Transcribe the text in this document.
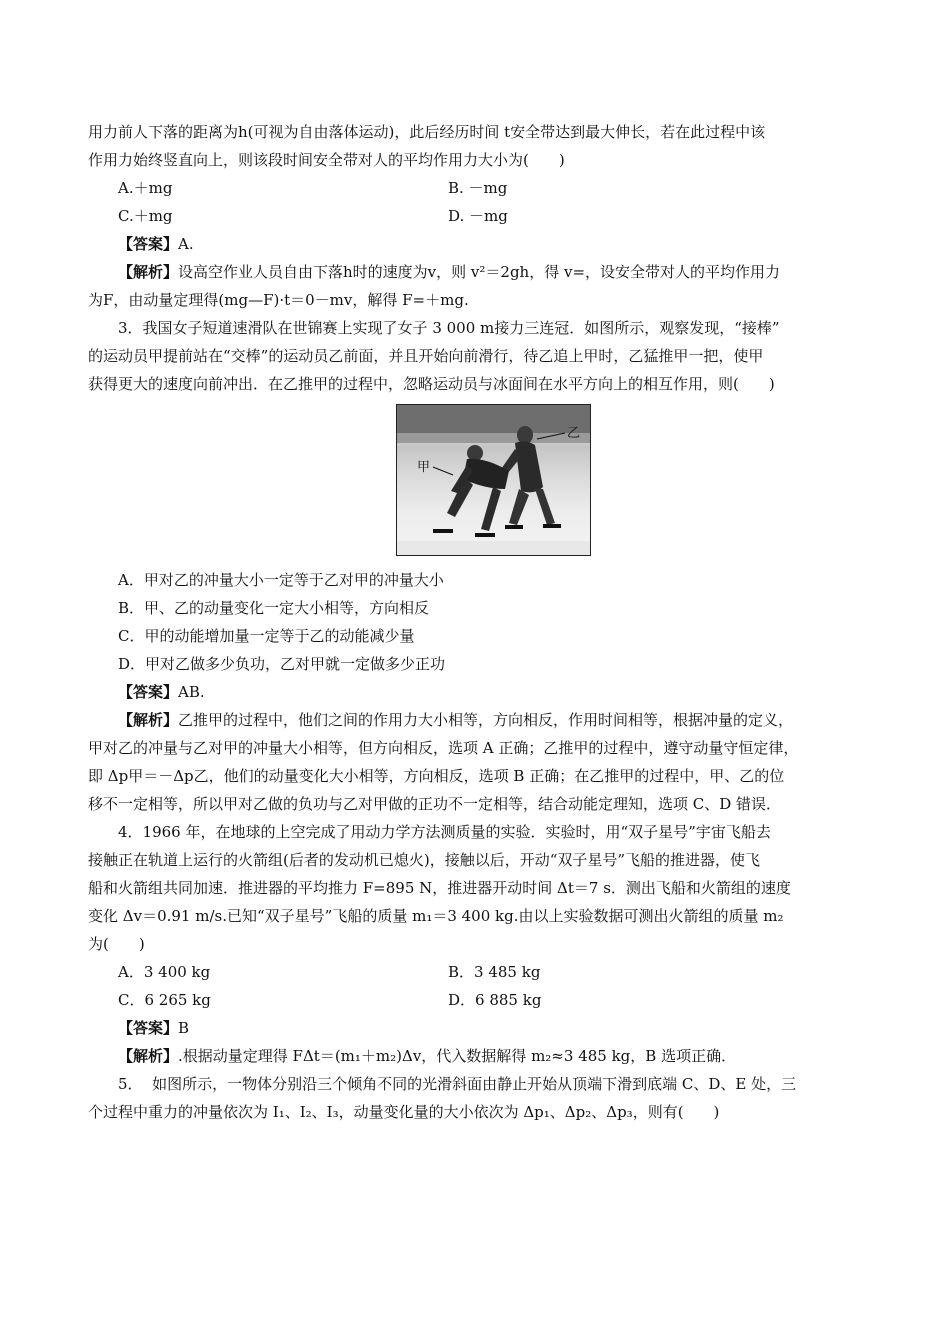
用力前人下落的距离为h(可视为自由落体运动)，此后经历时间 t安全带达到最大伸长，若在此过程中该

作用力始终竖直向上，则该段时间安全带对人的平均作用力大小为(　　)

A.＋mg	B. －mg
C.＋mg	D. －mg

【答案】A.

【解析】设高空作业人员自由下落h时的速度为v，则 v²＝2gh，得 v=，设安全带对人的平均作用力

为F，由动量定理得(mg—F)·t＝0－mv，解得 F=＋mg.

3．我国女子短道速滑队在世锦赛上实现了女子 3 000 m接力三连冠．如图所示，观察发现，“接棒”

的运动员甲提前站在“交棒”的运动员乙前面，并且开始向前滑行，待乙追上甲时，乙猛推甲一把，使甲

获得更大的速度向前冲出．在乙推甲的过程中，忽略运动员与冰面间在水平方向上的相互作用，则(　　)

甲
乙

A．甲对乙的冲量大小一定等于乙对甲的冲量大小

B．甲、乙的动量变化一定大小相等，方向相反

C．甲的动能增加量一定等于乙的动能减少量

D．甲对乙做多少负功，乙对甲就一定做多少正功

【答案】AB.

【解析】乙推甲的过程中，他们之间的作用力大小相等，方向相反，作用时间相等，根据冲量的定义，

甲对乙的冲量与乙对甲的冲量大小相等，但方向相反，选项 A 正确；乙推甲的过程中，遵守动量守恒定律，

即 Δp甲＝－Δp乙，他们的动量变化大小相等，方向相反，选项 B 正确；在乙推甲的过程中，甲、乙的位

移不一定相等，所以甲对乙做的负功与乙对甲做的正功不一定相等，结合动能定理知，选项 C、D 错误．

4．1966 年，在地球的上空完成了用动力学方法测质量的实验．实验时，用“双子星号”宇宙飞船去

接触正在轨道上运行的火箭组(后者的发动机已熄火)，接触以后，开动“双子星号”飞船的推进器，使飞

船和火箭组共同加速．推进器的平均推力 F=895 N，推进器开动时间 Δt＝7 s．测出飞船和火箭组的速度

变化 Δv＝0.91 m/s.已知“双子星号”飞船的质量 m₁＝3 400 kg.由以上实验数据可测出火箭组的质量 m₂

为(　　)

A．3 400 kg	B．3 485 kg
C．6 265 kg	D．6 885 kg

【答案】B

【解析】.根据动量定理得 FΔt＝(m₁＋m₂)Δv，代入数据解得 m₂≈3 485 kg，B 选项正确．

5．  如图所示，一物体分别沿三个倾角不同的光滑斜面由静止开始从顶端下滑到底端 C、D、E 处，三

个过程中重力的冲量依次为 I₁、I₂、I₃，动量变化量的大小依次为 Δp₁、Δp₂、Δp₃，则有(　　)
